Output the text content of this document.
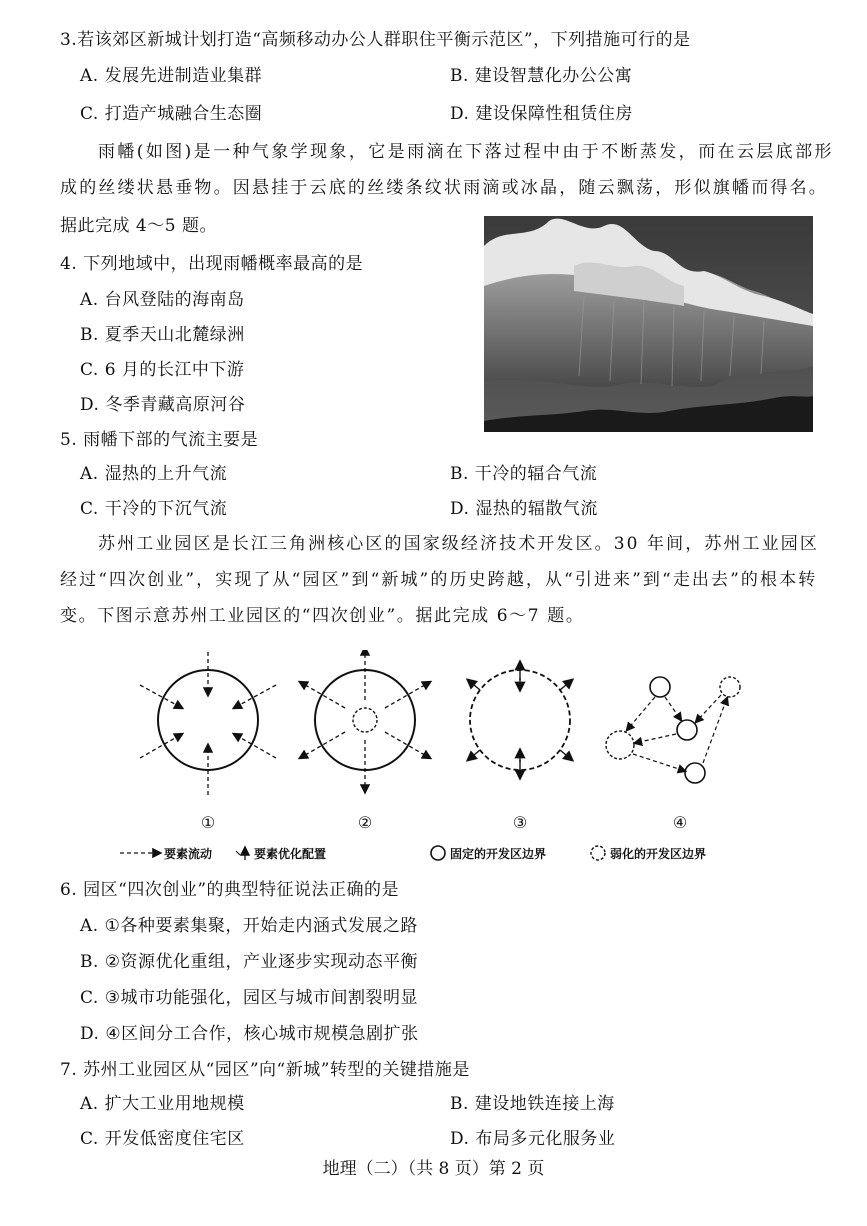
3.若该郊区新城计划打造“高频移动办公人群职住平衡示范区”，下列措施可行的是
A. 发展先进制造业集群	B. 建设智慧化办公公寓
C. 打造产城融合生态圈	D. 建设保障性租赁住房
雨幡(如图)是一种气象学现象，它是雨滴在下落过程中由于不断蒸发，而在云层底部形
成的丝缕状悬垂物。因悬挂于云底的丝缕条纹状雨滴或冰晶，随云飘荡，形似旗幡而得名。
据此完成 4～5 题。
4. 下列地域中，出现雨幡概率最高的是
A. 台风登陆的海南岛
B. 夏季天山北麓绿洲
C. 6 月的长江中下游
D. 冬季青藏高原河谷
5. 雨幡下部的气流主要是
A. 湿热的上升气流	B. 干冷的辐合气流
C. 干冷的下沉气流	D. 湿热的辐散气流
苏州工业园区是长江三角洲核心区的国家级经济技术开发区。30 年间，苏州工业园区
经过“四次创业”，实现了从“园区”到“新城”的历史跨越，从“引进来”到“走出去”的根本转
变。下图示意苏州工业园区的“四次创业”。据此完成 6～7 题。
①	②	③	④
要素流动	要素优化配置	固定的开发区边界	弱化的开发区边界
6. 园区“四次创业”的典型特征说法正确的是
A. ①各种要素集聚，开始走内涵式发展之路
B. ②资源优化重组，产业逐步实现动态平衡
C. ③城市功能强化，园区与城市间割裂明显
D. ④区间分工合作，核心城市规模急剧扩张
7. 苏州工业园区从“园区”向“新城”转型的关键措施是
A. 扩大工业用地规模	B. 建设地铁连接上海
C. 开发低密度住宅区	D. 布局多元化服务业
地理（二）（共 8 页）第 2 页
